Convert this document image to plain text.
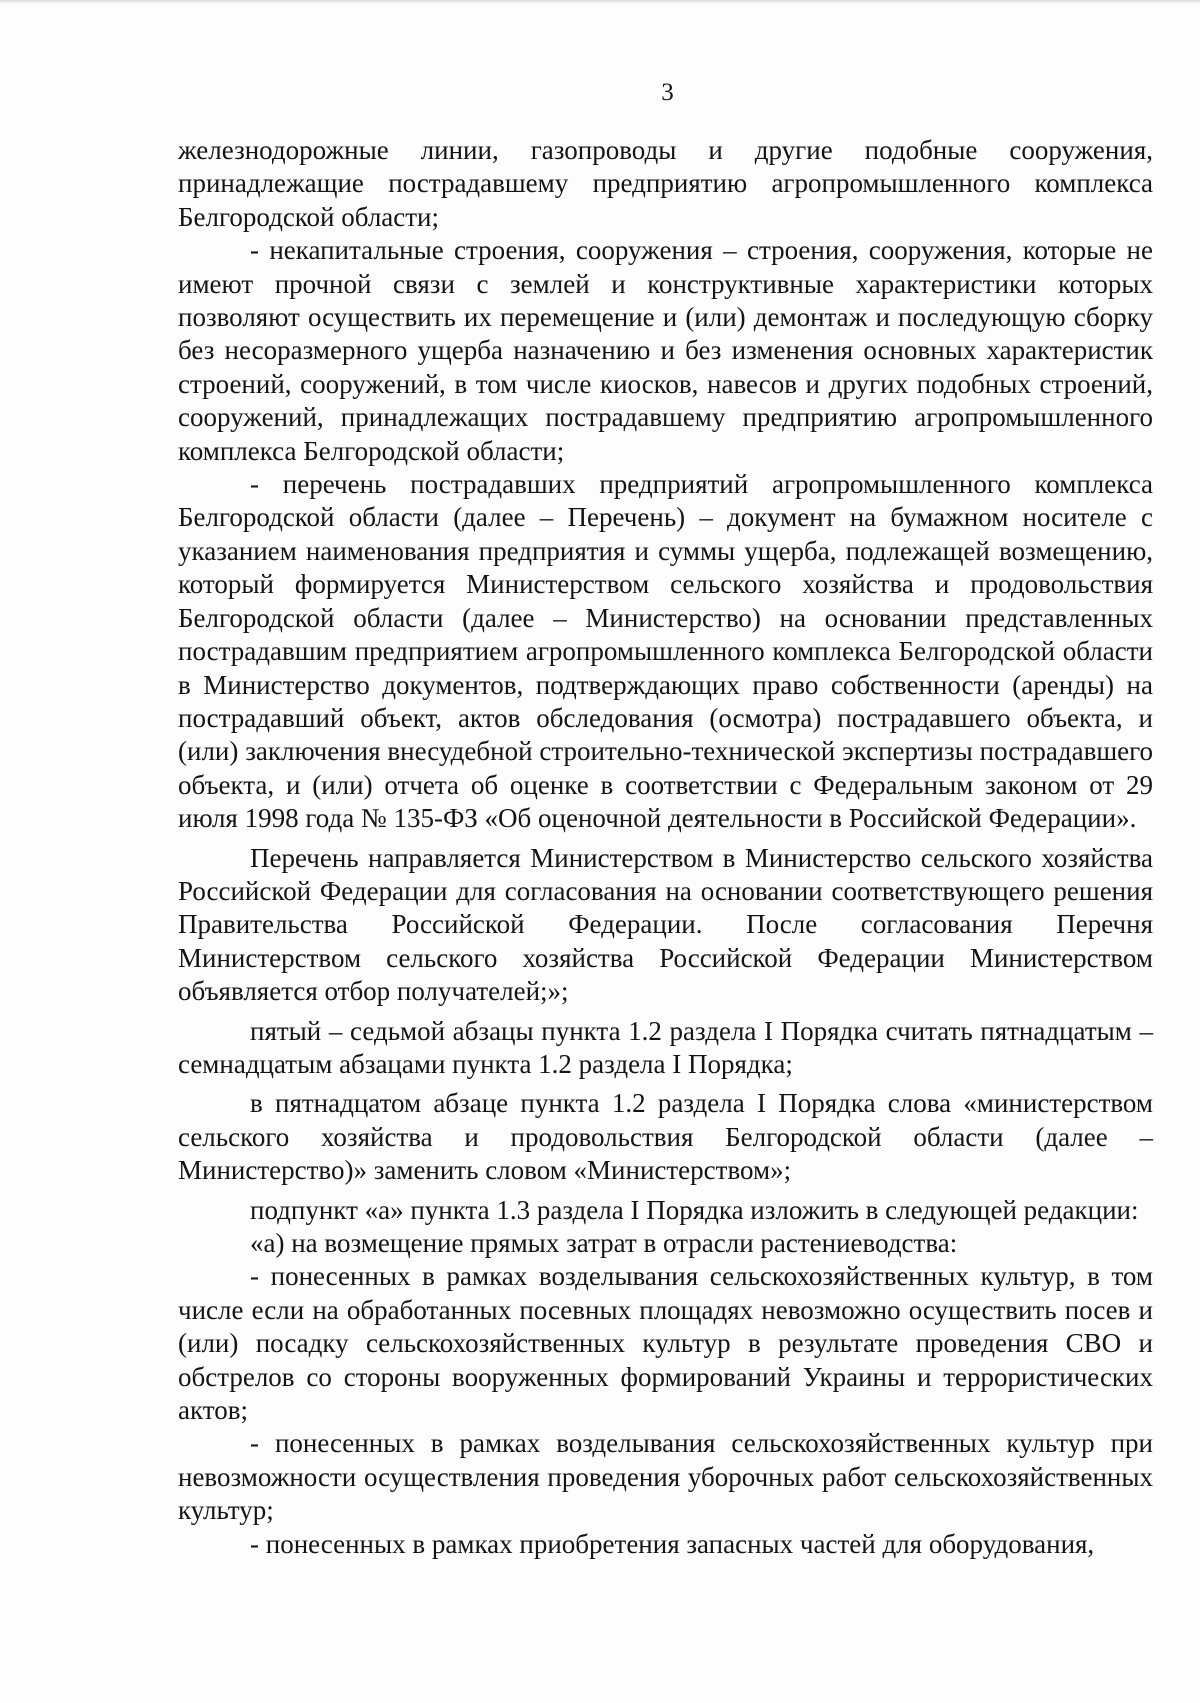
3

железнодорожные линии, газопроводы и другие подобные сооружения, принадлежащие пострадавшему предприятию агропромышленного комплекса Белгородской области;

- некапитальные строения, сооружения – строения, сооружения, которые не имеют прочной связи с землей и конструктивные характеристики которых позволяют осуществить их перемещение и (или) демонтаж и последующую сборку без несоразмерного ущерба назначению и без изменения основных характеристик строений, сооружений, в том числе киосков, навесов и других подобных строений, сооружений, принадлежащих пострадавшему предприятию агропромышленного комплекса Белгородской области;

- перечень пострадавших предприятий агропромышленного комплекса Белгородской области (далее – Перечень) – документ на бумажном носителе с указанием наименования предприятия и суммы ущерба, подлежащей возмещению, который формируется Министерством сельского хозяйства и продовольствия Белгородской области (далее – Министерство) на основании представленных пострадавшим предприятием агропромышленного комплекса Белгородской области в Министерство документов, подтверждающих право собственности (аренды) на пострадавший объект, актов обследования (осмотра) пострадавшего объекта, и (или) заключения внесудебной строительно-технической экспертизы пострадавшего объекта, и (или) отчета об оценке в соответствии с Федеральным законом от 29 июля 1998 года № 135-ФЗ «Об оценочной деятельности в Российской Федерации».

Перечень направляется Министерством в Министерство сельского хозяйства Российской Федерации для согласования на основании соответствующего решения Правительства Российской Федерации. После согласования Перечня Министерством сельского хозяйства Российской Федерации Министерством объявляется отбор получателей;»;

пятый – седьмой абзацы пункта 1.2 раздела I Порядка считать пятнадцатым – семнадцатым абзацами пункта 1.2 раздела I Порядка;

в пятнадцатом абзаце пункта 1.2 раздела I Порядка слова «министерством сельского хозяйства и продовольствия Белгородской области (далее – Министерство)» заменить словом «Министерством»;

подпункт «а» пункта 1.3 раздела I Порядка изложить в следующей редакции:

«а) на возмещение прямых затрат в отрасли растениеводства:

- понесенных в рамках возделывания сельскохозяйственных культур, в том числе если на обработанных посевных площадях невозможно осуществить посев и (или) посадку сельскохозяйственных культур в результате проведения СВО и обстрелов со стороны вооруженных формирований Украины и террористических актов;

- понесенных в рамках возделывания сельскохозяйственных культур при невозможности осуществления проведения уборочных работ сельскохозяйственных культур;

- понесенных в рамках приобретения запасных частей для оборудования,
